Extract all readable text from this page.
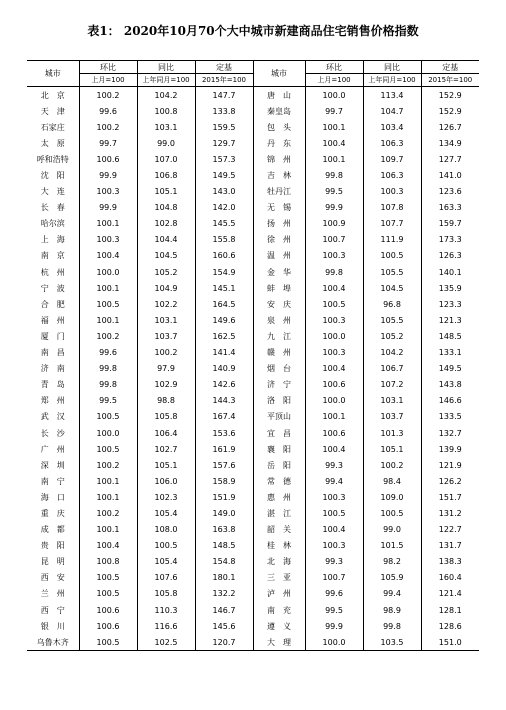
表1： 2020年10月70个大中城市新建商品住宅销售价格指数
城市	环比	同比	定基	城市	环比	同比	定基
	上月=100	上年同月=100	2015年=100		上月=100	上年同月=100	2015年=100
北　京	100.2	104.2	147.7	唐　山	100.0	113.4	152.9
天　津	99.6	100.8	133.8	秦皇岛	99.7	104.7	152.9
石家庄	100.2	103.1	159.5	包　头	100.1	103.4	126.7
太　原	99.7	99.0	129.7	丹　东	100.4	106.3	134.9
呼和浩特	100.6	107.0	157.3	锦　州	100.1	109.7	127.7
沈　阳	99.9	106.8	149.5	吉　林	99.8	106.3	141.0
大　连	100.3	105.1	143.0	牡丹江	99.5	100.3	123.6
长　春	99.9	104.8	142.0	无　锡	99.9	107.8	163.3
哈尔滨	100.1	102.8	145.5	扬　州	100.9	107.7	159.7
上　海	100.3	104.4	155.8	徐　州	100.7	111.9	173.3
南　京	100.4	104.5	160.6	温　州	100.3	100.5	126.3
杭　州	100.0	105.2	154.9	金　华	99.8	105.5	140.1
宁　波	100.1	104.9	145.1	蚌　埠	100.4	104.5	135.9
合　肥	100.5	102.2	164.5	安　庆	100.5	96.8	123.3
福　州	100.1	103.1	149.6	泉　州	100.3	105.5	121.3
厦　门	100.2	103.7	162.5	九　江	100.0	105.2	148.5
南　昌	99.6	100.2	141.4	赣　州	100.3	104.2	133.1
济　南	99.8	97.9	140.9	烟　台	100.4	106.7	149.5
青　岛	99.8	102.9	142.6	济　宁	100.6	107.2	143.8
郑　州	99.5	98.8	144.3	洛　阳	100.0	103.1	146.6
武　汉	100.5	105.8	167.4	平顶山	100.1	103.7	133.5
长　沙	100.0	106.4	153.6	宜　昌	100.6	101.3	132.7
广　州	100.5	102.7	161.9	襄　阳	100.4	105.1	139.9
深　圳	100.2	105.1	157.6	岳　阳	99.3	100.2	121.9
南　宁	100.1	106.0	158.9	常　德	99.4	98.4	126.2
海　口	100.1	102.3	151.9	惠　州	100.3	109.0	151.7
重　庆	100.2	105.4	149.0	湛　江	100.5	100.5	131.2
成　都	100.1	108.0	163.8	韶　关	100.4	99.0	122.7
贵　阳	100.4	100.5	148.5	桂　林	100.3	101.5	131.7
昆　明	100.8	105.4	154.8	北　海	99.3	98.2	138.3
西　安	100.5	107.6	180.1	三　亚	100.7	105.9	160.4
兰　州	100.5	105.8	132.2	泸　州	99.6	99.4	121.4
西　宁	100.6	110.3	146.7	南　充	99.5	98.9	128.1
银　川	100.6	116.6	145.6	遵　义	99.9	99.8	128.6
乌鲁木齐	100.5	102.5	120.7	大　理	100.0	103.5	151.0
